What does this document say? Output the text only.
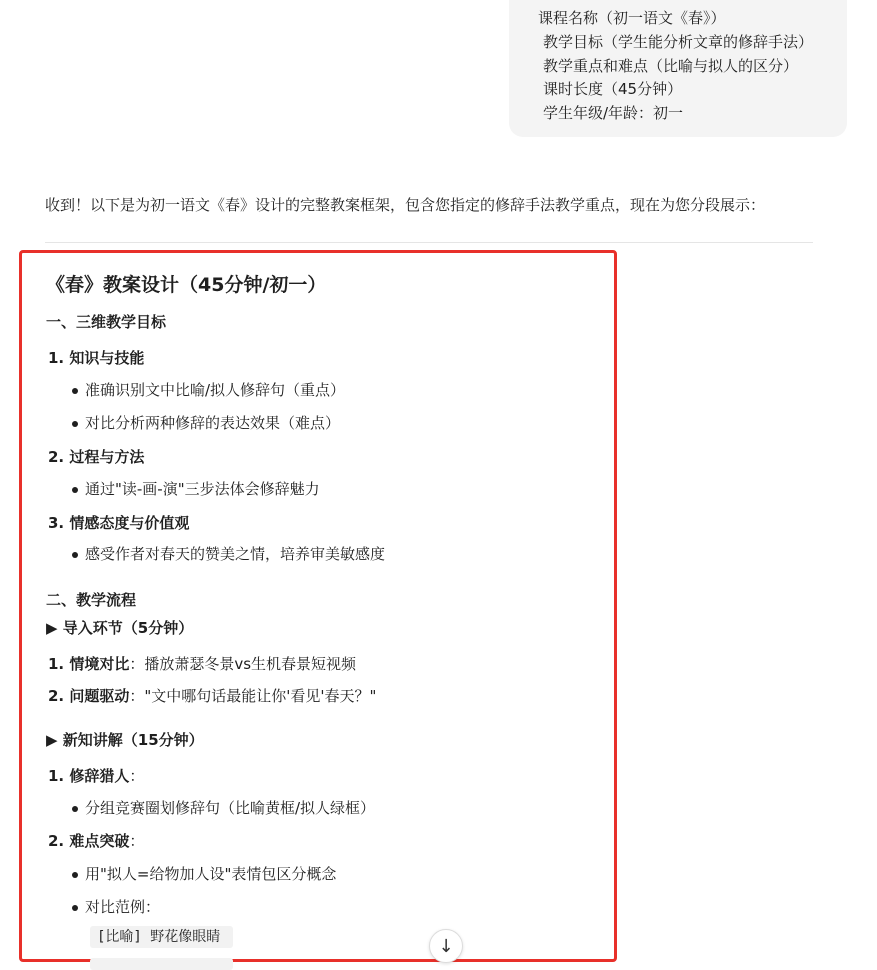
课程名称（初一语文《春》）
教学目标（学生能分析文章的修辞手法）
教学重点和难点（比喻与拟人的区分）
课时长度（45分钟）
学生年级/年龄：初一
收到！以下是为初一语文《春》设计的完整教案框架，包含您指定的修辞手法教学重点，现在为您分段展示：
《春》教案设计（45分钟/初一）
一、三维教学目标
1. 知识与技能
准确识别文中比喻/拟人修辞句（重点）
对比分析两种修辞的表达效果（难点）
2. 过程与方法
通过"读-画-演"三步法体会修辞魅力
3. 情感态度与价值观
感受作者对春天的赞美之情，培养审美敏感度
二、教学流程
▶ 导入环节（5分钟）
1. 情境对比：播放萧瑟冬景vs生机春景短视频
2. 问题驱动："文中哪句话最能让你'看见'春天？"
▶ 新知讲解（15分钟）
1. 修辞猎人：
分组竞赛圈划修辞句（比喻黄框/拟人绿框）
2. 难点突破：
用"拟人=给物加人设"表情包区分概念
对比范例：
[比喻] 野花像眼睛	↓
